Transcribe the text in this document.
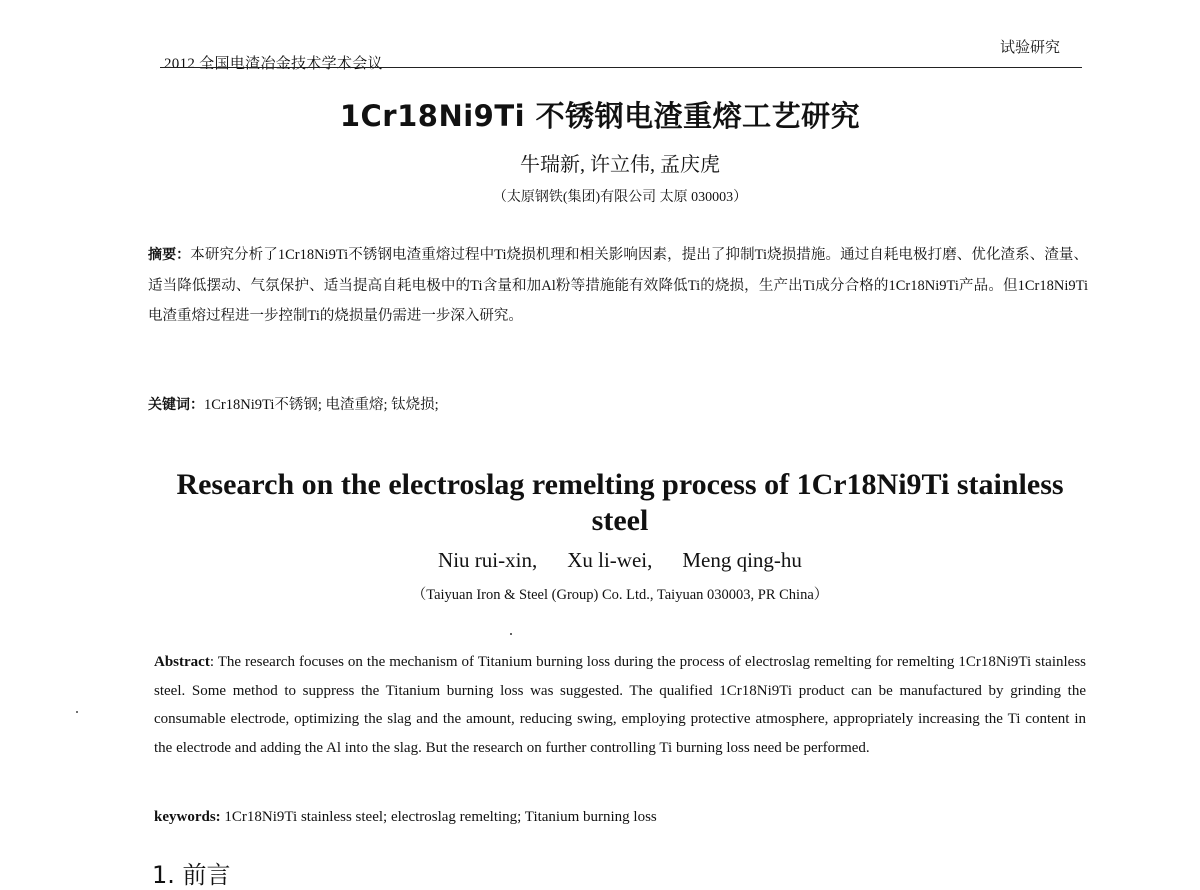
2012 全国电渣冶金技术学术会议
试验研究
1Cr18Ni9Ti 不锈钢电渣重熔工艺研究
牛瑞新, 许立伟, 孟庆虎
（太原钢铁(集团)有限公司 太原 030003）
摘要：本研究分析了1Cr18Ni9Ti不锈钢电渣重熔过程中Ti烧损机理和相关影响因素，提出了抑制Ti烧损措施。通过自耗电极打磨、优化渣系、渣量、适当降低摆动、气氛保护、适当提高自耗电极中的Ti含量和加Al粉等措施能有效降低Ti的烧损，生产出Ti成分合格的1Cr18Ni9Ti产品。但1Cr18Ni9Ti电渣重熔过程进一步控制Ti的烧损量仍需进一步深入研究。
关键词：1Cr18Ni9Ti不锈钢; 电渣重熔; 钛烧损;
Research on the electroslag remelting process of 1Cr18Ni9Ti stainless steel
Niu rui-xin, Xu li-wei, Meng qing-hu
（Taiyuan Iron & Steel (Group) Co. Ltd., Taiyuan 030003, PR China）
Abstract: The research focuses on the mechanism of Titanium burning loss during the process of electroslag remelting for remelting 1Cr18Ni9Ti stainless steel. Some method to suppress the Titanium burning loss was suggested. The qualified 1Cr18Ni9Ti product can be manufactured by grinding the consumable electrode, optimizing the slag and the amount, reducing swing, employing protective atmosphere, appropriately increasing the Ti content in the electrode and adding the Al into the slag. But the research on further controlling Ti burning loss need be performed.
keywords: 1Cr18Ni9Ti stainless steel; electroslag remelting; Titanium burning loss
1. 前言
